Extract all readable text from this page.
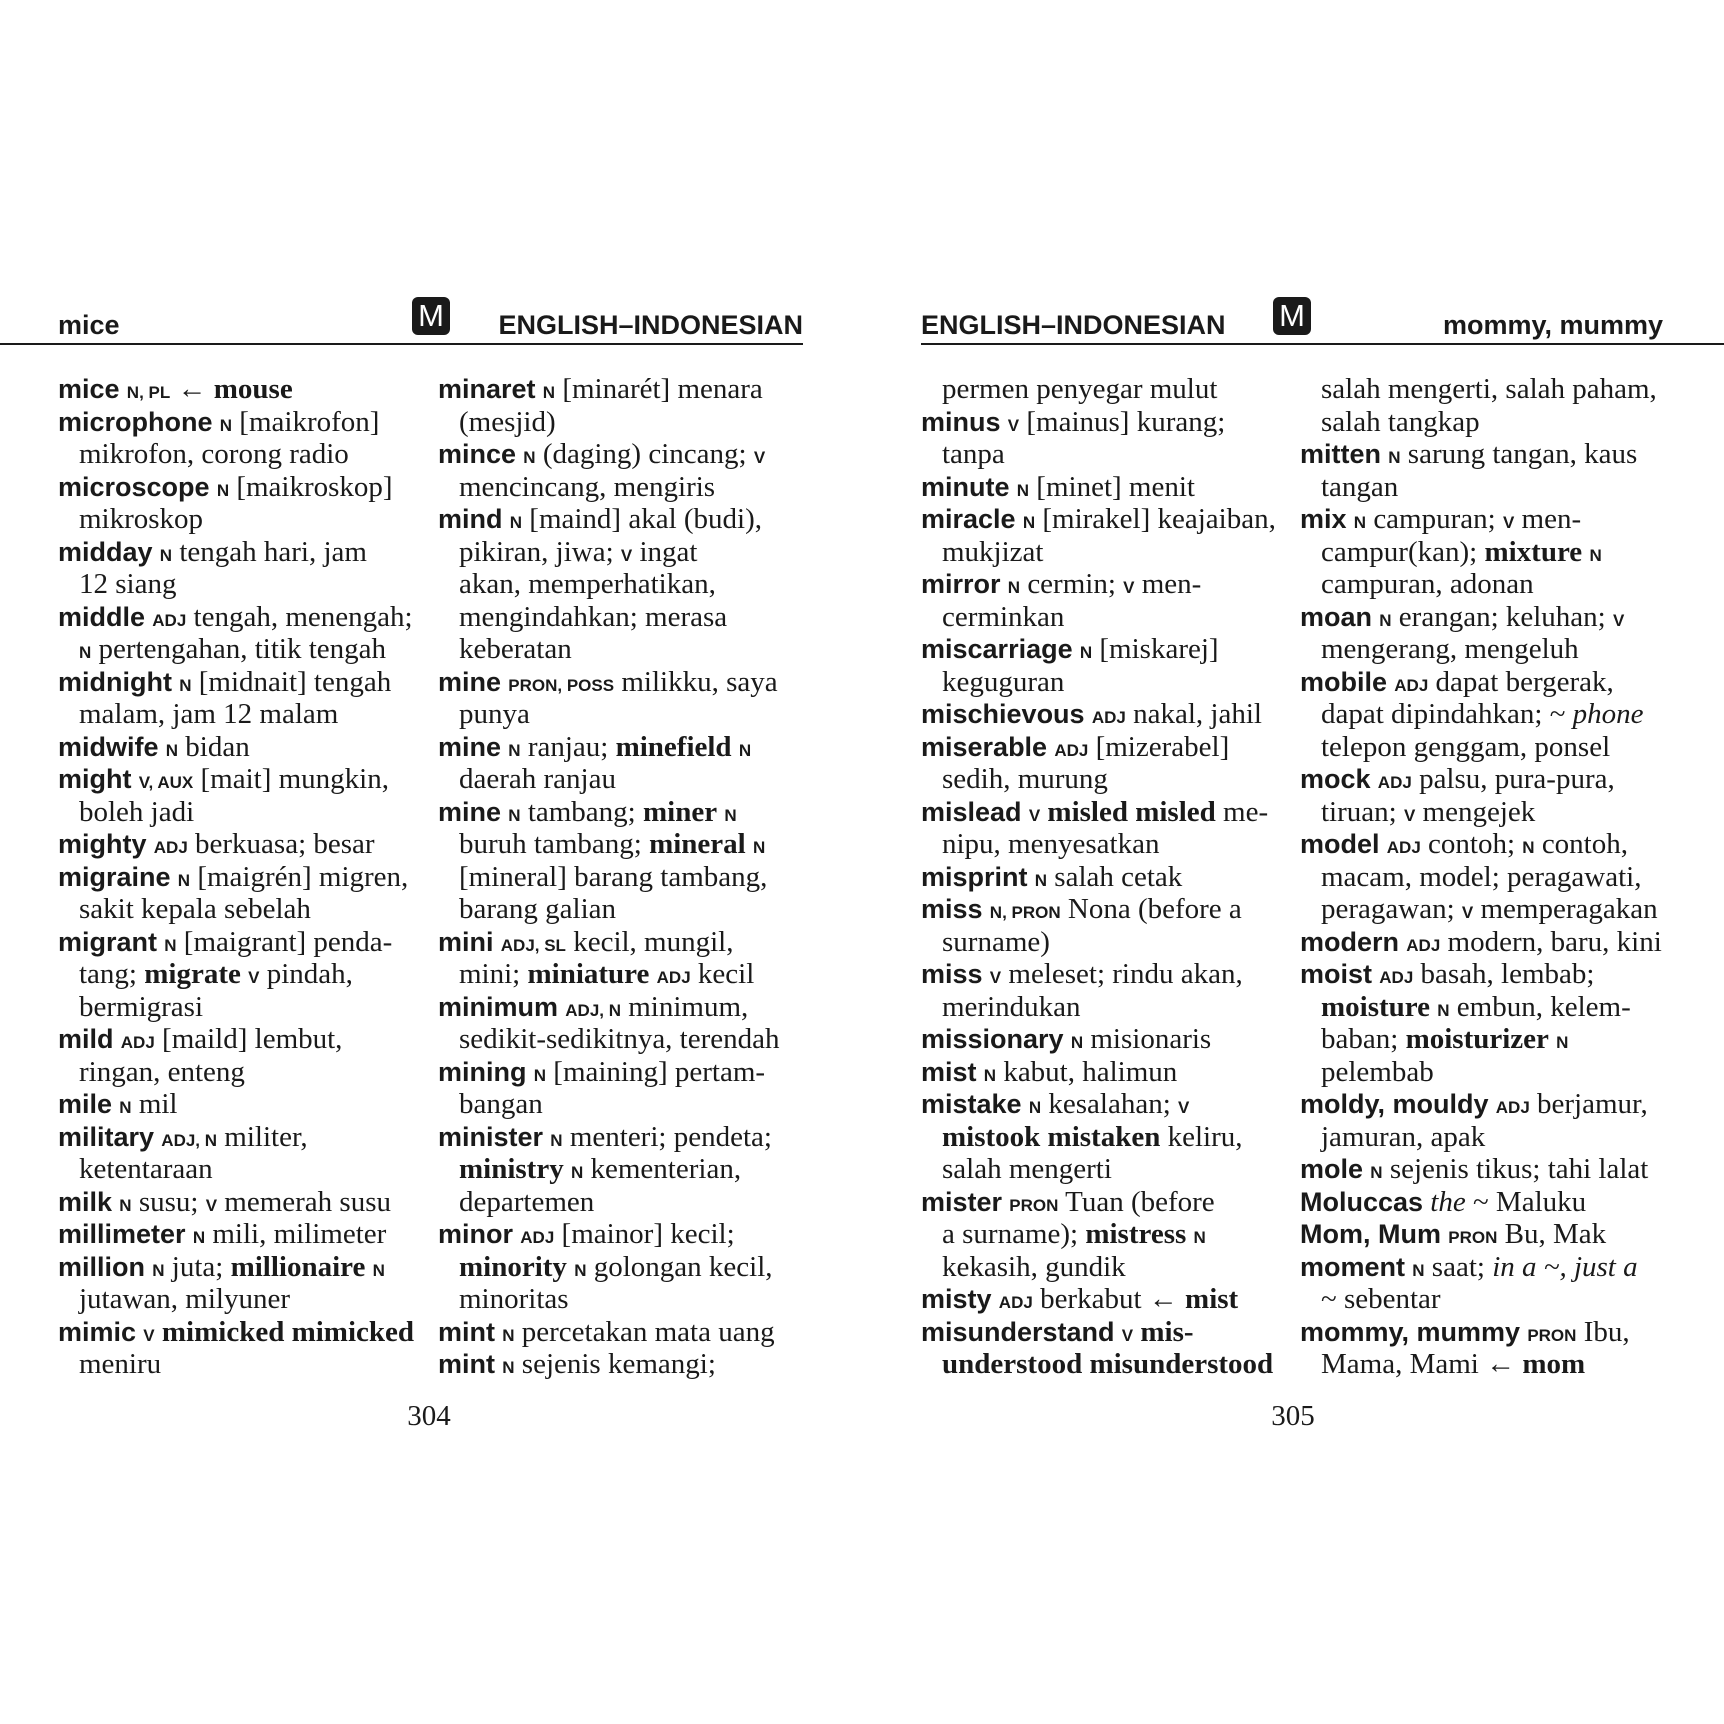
mice	M ENGLISH–INDONESIAN
mice N, PL ← mouse
microphone N [maikrofon]
mikrofon, corong radio
microscope N [maikroskop]
mikroskop
midday N tengah hari, jam
12 siang
middle ADJ tengah, menengah;
N pertengahan, titik tengah
midnight N [midnait] tengah
malam, jam 12 malam
midwife N bidan
might V, AUX [mait] mungkin,
boleh jadi
mighty ADJ berkuasa; besar
migraine N [maigrén] migren,
sakit kepala sebelah
migrant N [maigrant] penda-
tang; migrate V pindah,
bermigrasi
mild ADJ [maild] lembut,
ringan, enteng
mile N mil
military ADJ, N militer,
ketentaraan
milk N susu; V memerah susu
millimeter N mili, milimeter
million N juta; millionaire N
jutawan, milyuner
mimic V mimicked mimicked
meniru
minaret N [minarét] menara
(mesjid)
mince N (daging) cincang; V
mencincang, mengiris
mind N [maind] akal (budi),
pikiran, jiwa; V ingat
akan, memperhatikan,
mengindahkan; merasa
keberatan
mine PRON, POSS milikku, saya
punya
mine N ranjau; minefield N
daerah ranjau
mine N tambang; miner N
buruh tambang; mineral N
[mineral] barang tambang,
barang galian
mini ADJ, SL kecil, mungil,
mini; miniature ADJ kecil
minimum ADJ, N minimum,
sedikit-sedikitnya, terendah
mining N [maining] pertam-
bangan
minister N menteri; pendeta;
ministry N kementerian,
departemen
minor ADJ [mainor] kecil;
minority N golongan kecil,
minoritas
mint N percetakan mata uang
mint N sejenis kemangi;
304
ENGLISH–INDONESIAN M	mommy, mummy
permen penyegar mulut
minus V [mainus] kurang;
tanpa
minute N [minet] menit
miracle N [mirakel] keajaiban,
mukjizat
mirror N cermin; V men-
cerminkan
miscarriage N [miskarej]
keguguran
mischievous ADJ nakal, jahil
miserable ADJ [mizerabel]
sedih, murung
mislead V misled misled me-
nipu, menyesatkan
misprint N salah cetak
miss N, PRON Nona (before a
surname)
miss V meleset; rindu akan,
merindukan
missionary N misionaris
mist N kabut, halimun
mistake N kesalahan; V
mistook mistaken keliru,
salah mengerti
mister PRON Tuan (before
a surname); mistress N
kekasih, gundik
misty ADJ berkabut ← mist
misunderstand V mis-
understood misunderstood
salah mengerti, salah paham,
salah tangkap
mitten N sarung tangan, kaus
tangan
mix N campuran; V men-
campur(kan); mixture N
campuran, adonan
moan N erangan; keluhan; V
mengerang, mengeluh
mobile ADJ dapat bergerak,
dapat dipindahkan; ~ phone
telepon genggam, ponsel
mock ADJ palsu, pura-pura,
tiruan; V mengejek
model ADJ contoh; N contoh,
macam, model; peragawati,
peragawan; V memperagakan
modern ADJ modern, baru, kini
moist ADJ basah, lembab;
moisture N embun, kelem-
baban; moisturizer N
pelembab
moldy, mouldy ADJ berjamur,
jamuran, apak
mole N sejenis tikus; tahi lalat
Moluccas the ~ Maluku
Mom, Mum PRON Bu, Mak
moment N saat; in a ~, just a
~ sebentar
mommy, mummy PRON Ibu,
Mama, Mami ← mom
305
